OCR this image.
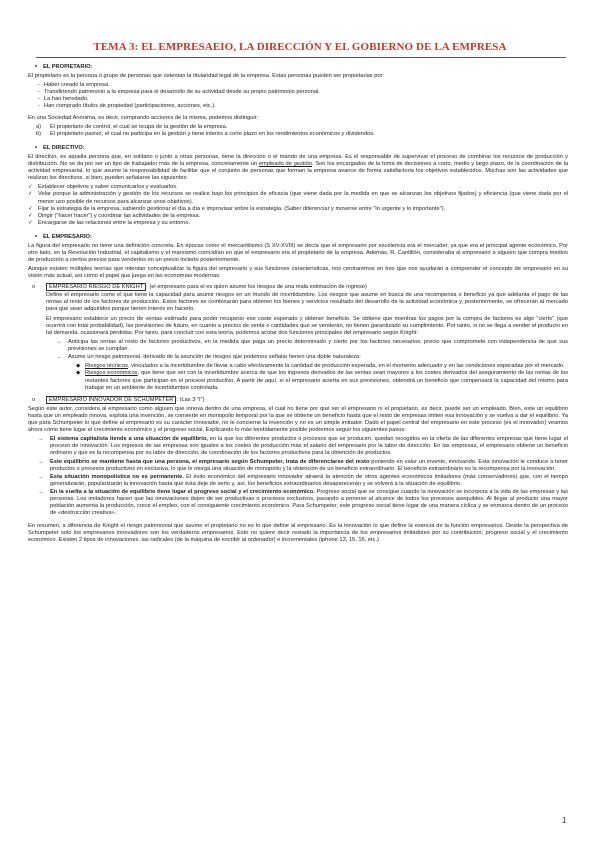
TEMA 3: EL EMPRESAEIO, LA DIRECCIÓN Y EL GOBIERNO DE LA EMPRESA
• EL PROPIETARIO:

El propietario es la persona o grupo de personas que ostentan la titularidad legal de la empresa. Estas personas pueden ser propietarias por:

- Haber creado la empresa.
- Transfiriendo patrimonio a la empresa para el desarrollo de su actividad desde su propio patrimonio personal.
- La han heredado.
- Han comprado títulos de propiedad (participaciones, acciones, etc.).

En una Sociedad Anónima, es decir, comprando acciones de la misma, podemos distinguir:

a) El propietario de control, el cual se ocupa de la gestión de la empresa.
b) El propietario pasivo, el cual no participa en la gestión y tiene interés a corto plazo en los rendimientos económicos y dividendos.
• EL DIRECTIVO:

El directivo, es aquella persona que, en solitario o junto a otras personas, tiene la dirección o el mando de una empresa. Es el responsable de supervisar el proceso de combinar los recursos de producción y distribución. No se da por ser un tipo de trabajador más de la empresa, concretamente un empleado de gestión. Son los encargados de la toma de decisiones a corto, medio y largo plazo, de la coordinación de la actividad empresarial, lo que asume la responsabilidad de facilitar que el conjunto de personas que forman la empresa avance de forma satisfactoria los objetivos establecidos. Muchas son las actividades que realizan los directivos, si bien, pueden señalarse las siguientes:

✓ Establecer objetivos y saber comunicarlos y evaluarlos.
✓ Velar porque la administración y gestión de los recursos se realice bajo los principios de eficacia (que viene dada por la medida en que se alcanzan los objetivos fijados) y eficiencia (que viene dada por el menor uso posible de recursos para alcanzar unos objetivos).
✓ Fijar la estrategia de la empresa, sabiendo gestionar el día a día e improvisar sobre la estrategia. (Saber diferenciar y moverse entre "lo urgente y lo importante").
✓ Dirigir ("hacer hacer") y coordinar las actividades de la empresa.
✓ Encargarse de las relaciones entre la empresa y su entorno.
• EL EMPRESARIO:

La figura del empresario no tiene una definición concreta. En épocas como el mercantilismo (S XV-XVIII) se decía que el empresario por excelencia era el mercader, ya que era el principal agente económico. Por otro lado, en la Revolución Industrial, el capitalismo y el marxismo coincidían en que el empresario era el propietario de la empresa. Además, R. Cantillón, consideraba al empresario a alguien que compra medios de producción a ciertos precios para venderlos en un precio incierto posteriormente.

Aunque existen múltiples teorías que intentan conceptualizar la figura del empresario y sus funciones características, nos centraremos en tres que nos ayudarán a comprender el concepto de empresario en su visión más actual, así como el papel que juega en las economías modernas:

o	EMPRESARIO RIESGO DE KNIGHT : (el empresario para el es quien asume los riesgos de una mala estimación de ingreso)

Define el empresario como el que tiene la capacidad para asumir riesgos en un mundo de incertidumbre. Los riesgos que asume en busca de una recompensa o beneficio ya que adelanta el pago de las rentas al resto de los factores de producción. Estos factores se combinarán para obtener los bienes y servicios resultado del desarrollo de la actividad económica y, posteriormente, se ofrecerán al mercado para que sean adquiridos porque tienen interés en hacerlo.

El empresario establece un precio de ventas estimado para poder recuperar ese coste esperado y obtener beneficio. Se obtiene que mientras los pagos por la compra de factores es algo "cierto" (que ocurrirá con total probabilidad), las previsiones de futuro, en cuanto a precios de venta o cantidades que se venderán, no tienen garantizado su cumplimiento. Por tanto, si no se llega a vender el producto en tal demanda, ocasionará pérdidas. Por tanto, para concluir con esta teoría, podemos acotar dos funciones principales del empresario según Knight:

→ Anticipa las rentas al resto de factores productivos, en la medida que paga un precio determinado y cierto por los factores necesarios; precio que compromete con independencia de que sus previsiones se cumplan.
→ Asume un riesgo patrimonial, derivado de la asunción de riesgos que podemos señalar tienen una doble naturaleza:
◆ Riesgos técnicos, vinculados a la incertidumbre de llevar a cabo efectivamente la cantidad de producción esperada, en el momento adecuado y en las condiciones esperadas por el mercado.
◆ Riesgos económicos, que tiene que ver con la incertidumbre acerca de que los ingresos derivados de las ventas sean mayores a los costes derivados del aseguramiento de las rentas de los restantes factores que participan en el proceso productivo. A partir de aquí, si el empresario acierta en sus previsiones, obtendrá un beneficio que compensará la capacidad del mismo para trabajar en un ambiente de incertidumbre controlada.
o	EMPRESARIO INNOVADOR DE SCHUMPETER : (Las 3 "I")

Según este autor, considera al empresario como alguien que innova dentro de una empresa, el cual no tiene por qué ser el empresario ni el propietario, es decir, puede ser un empleado. Bien, este un equilibrio hasta que un empleado innova, explota una invención, se convierte en monopolio temporal por la que se obtiene un beneficio hasta que el resto de empresas imiten esa innovación y se vuelva a dar el equilibrio. Ya que para Schumpeter lo que define al empresario es su carácter innovador, no le concierne la invención y no es un simple imitador. Dado el papel central del empresario en este proceso (es el innovador) veamos ahora cómo tiene lugar el crecimiento económico y el progreso social. Explicando lo más tendidamente posible podremos seguir los siguientes pasos:

→ El sistema capitalista tiende a una situación de equilibrio, en la que los diferentes productos o procesos que se producen, quedan recogidos en la oferta de las diferentes empresas que tiene lugar el proceso de innovación. Los ingresos de las empresas son iguales a los costes de producción más el salario del empresario por la labor de dirección. En las empresas, el empresario obtiene un beneficio ordinario y que es la recompensa por su labor de dirección, de coordinación de los factores productivos para la obtención de productos.
→ Este equilibrio se mantiene hasta que una persona, el empresario según Schumpeter, trata de diferenciarse del resto poniendo en valor un invento, innovando. Esta innovación le conduce a tener productos o procesos productivos en exclusiva, lo que le otorga una situación de monopolio y la obtención de un beneficio extraordinario. El beneficio extraordinario es la recompensa por la innovación.
→ Esta situación monopolística no es permanente. El éxito económico del empresario innovador atraerá la atención de otros agentes económicos imitadores (más conservadores) que, con el tiempo generalizarán, popularizarán la innovación hasta que ésta deje de serlo y, así, los beneficios extraordinarios desaparecerán y se volverá a la situación de equilibrio.
→ En la vuelta a la situación de equilibrio tiene lugar el progreso social y el crecimiento económico. Progreso social que se consigue cuando la innovación se incorpora a la vida de las empresas y las personas. Los imitadores hacen que las innovaciones dejen de ser productivas o procesos exclusivos, pasando a ponerse al alcance de todos los procesos asequibles. Al llegar al producto una mayor población aumenta la producción, crece el empleo, con el consiguiente crecimiento económico. Para Schumpeter, este progreso social tiene lugar de una manera cíclica y se enmarca dentro de un proceso de «destrucción creativa».

En resumen, a diferencia de Knight el riesgo patrimonial que asume el propietario no es lo que define al empresario. Es la innovación lo que define la esencia de la función empresarios. Desde la perspectiva de Schumpeter solo los empresarios innovadores son los verdaderos empresarios. Esto no quiere decir restado la importancia de los empresarios imitadores por su contribución, progreso social y el crecimiento económico. Existen 2 tipos de innovaciones, las radicales (de la máquina de escribir al ordenador) e incrementales (iphone 13, 15, 16, etc.)

1
